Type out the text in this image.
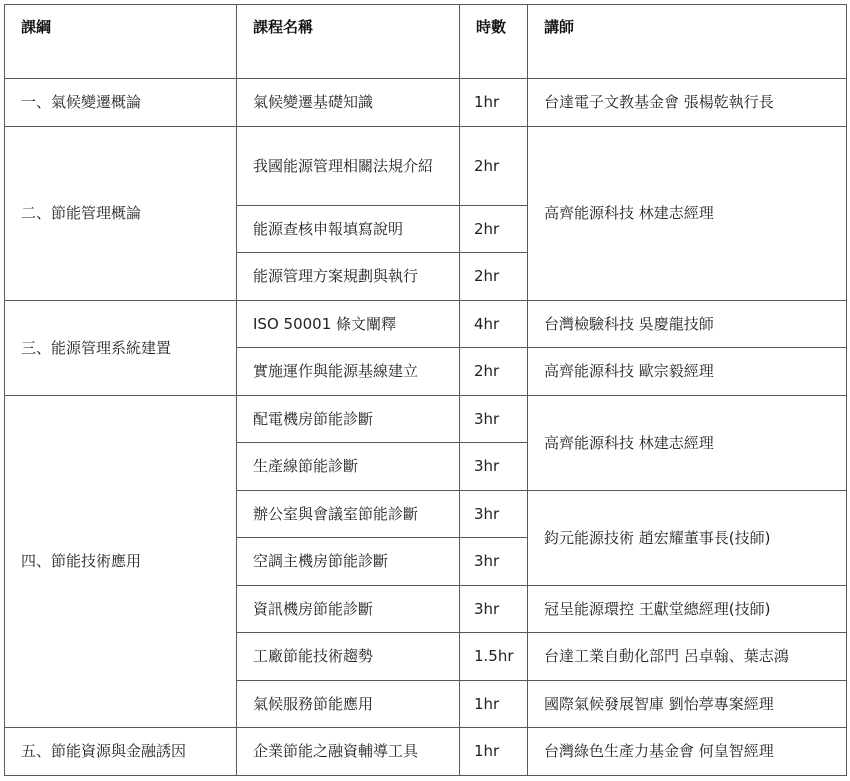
課綱	課程名稱	時數	講師
一、氣候變遷概論	氣候變遷基礎知識	1hr	台達電子文教基金會 張楊乾執行長
二、節能管理概論	我國能源管理相關法規介紹	2hr	高齊能源科技 林建志經理
	能源查核申報填寫說明	2hr	
	能源管理方案規劃與執行	2hr	
三、能源管理系統建置	ISO 50001 條文闡釋	4hr	台灣檢驗科技 吳慶龍技師
	實施運作與能源基線建立	2hr	高齊能源科技 歐宗毅經理
四、節能技術應用	配電機房節能診斷	3hr	高齊能源科技 林建志經理
	生產線節能診斷	3hr	
	辦公室與會議室節能診斷	3hr	鈞元能源技術 趙宏耀董事長(技師)
	空調主機房節能診斷	3hr	
	資訊機房節能診斷	3hr	冠呈能源環控 王獻堂總經理(技師)
	工廠節能技術趨勢	1.5hr	台達工業自動化部門 呂卓翰、葉志鴻
	氣候服務節能應用	1hr	國際氣候發展智庫 劉怡葶專案經理
五、節能資源與金融誘因	企業節能之融資輔導工具	1hr	台灣綠色生產力基金會 何皇智經理
